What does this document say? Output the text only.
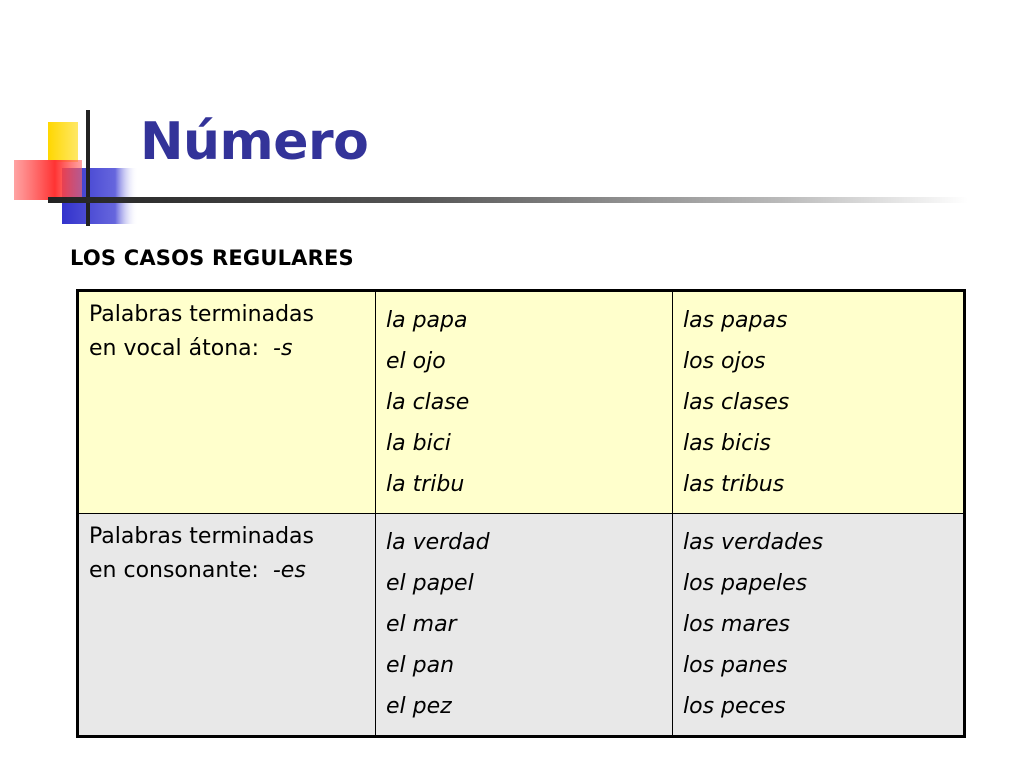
Número
LOS CASOS REGULARES
Palabras terminadas
en vocal átona: -s	la papa
el ojo
la clase
la bici
la tribu	las papas
los ojos
las clases
las bicis
las tribus

Palabras terminadas
en consonante: -es	la verdad
el papel
el mar
el pan
el pez	las verdades
los papeles
los mares
los panes
los peces
